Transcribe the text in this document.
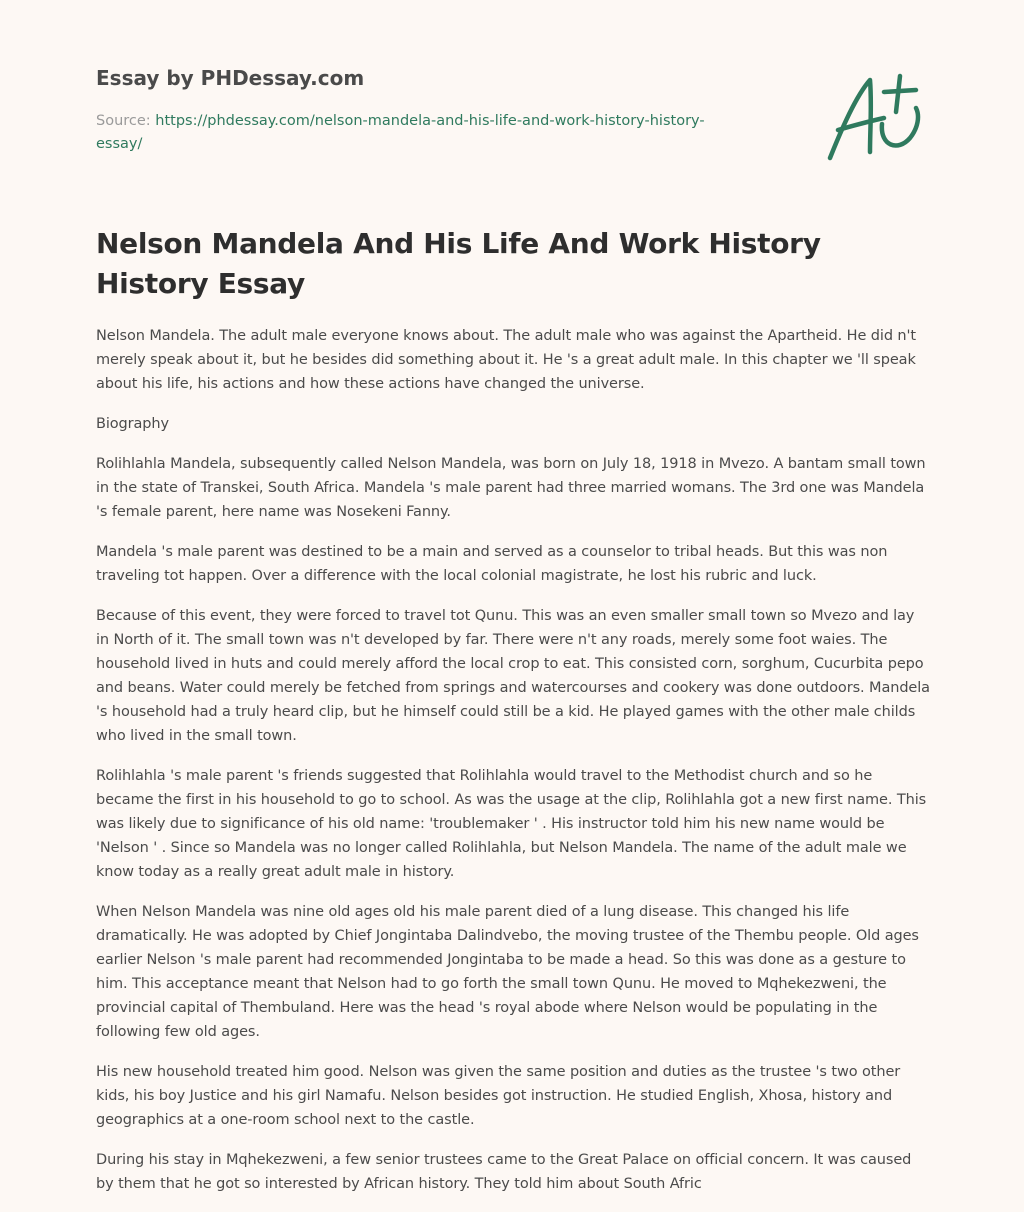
Essay by PHDessay.com
Source: https://phdessay.com/nelson-mandela-and-his-life-and-work-history-history-essay/
Nelson Mandela And His Life And Work History History Essay

Nelson Mandela. The adult male everyone knows about. The adult male who was against the Apartheid. He did n't merely speak about it, but he besides did something about it. He 's a great adult male. In this chapter we 'll speak about his life, his actions and how these actions have changed the universe.

Biography

Rolihlahla Mandela, subsequently called Nelson Mandela, was born on July 18, 1918 in Mvezo. A bantam small town in the state of Transkei, South Africa. Mandela 's male parent had three married womans. The 3rd one was Mandela 's female parent, here name was Nosekeni Fanny.

Mandela 's male parent was destined to be a main and served as a counselor to tribal heads. But this was non traveling tot happen. Over a difference with the local colonial magistrate, he lost his rubric and luck.

Because of this event, they were forced to travel tot Qunu. This was an even smaller small town so Mvezo and lay in North of it. The small town was n't developed by far. There were n't any roads, merely some foot waies. The household lived in huts and could merely afford the local crop to eat. This consisted corn, sorghum, Cucurbita pepo and beans. Water could merely be fetched from springs and watercourses and cookery was done outdoors. Mandela 's household had a truly heard clip, but he himself could still be a kid. He played games with the other male childs who lived in the small town.

Rolihlahla 's male parent 's friends suggested that Rolihlahla would travel to the Methodist church and so he became the first in his household to go to school. As was the usage at the clip, Rolihlahla got a new first name. This was likely due to significance of his old name: 'troublemaker ' . His instructor told him his new name would be 'Nelson ' . Since so Mandela was no longer called Rolihlahla, but Nelson Mandela. The name of the adult male we know today as a really great adult male in history.

When Nelson Mandela was nine old ages old his male parent died of a lung disease. This changed his life dramatically. He was adopted by Chief Jongintaba Dalindvebo, the moving trustee of the Thembu people. Old ages earlier Nelson 's male parent had recommended Jongintaba to be made a head. So this was done as a gesture to him. This acceptance meant that Nelson had to go forth the small town Qunu. He moved to Mqhekezweni, the provincial capital of Thembuland. Here was the head 's royal abode where Nelson would be populating in the following few old ages.

His new household treated him good. Nelson was given the same position and duties as the trustee 's two other kids, his boy Justice and his girl Namafu. Nelson besides got instruction. He studied English, Xhosa, history and geographics at a one-room school next to the castle.

During his stay in Mqhekezweni, a few senior trustees came to the Great Palace on official concern. It was caused by them that he got so interested by African history. They told him about South Afric
